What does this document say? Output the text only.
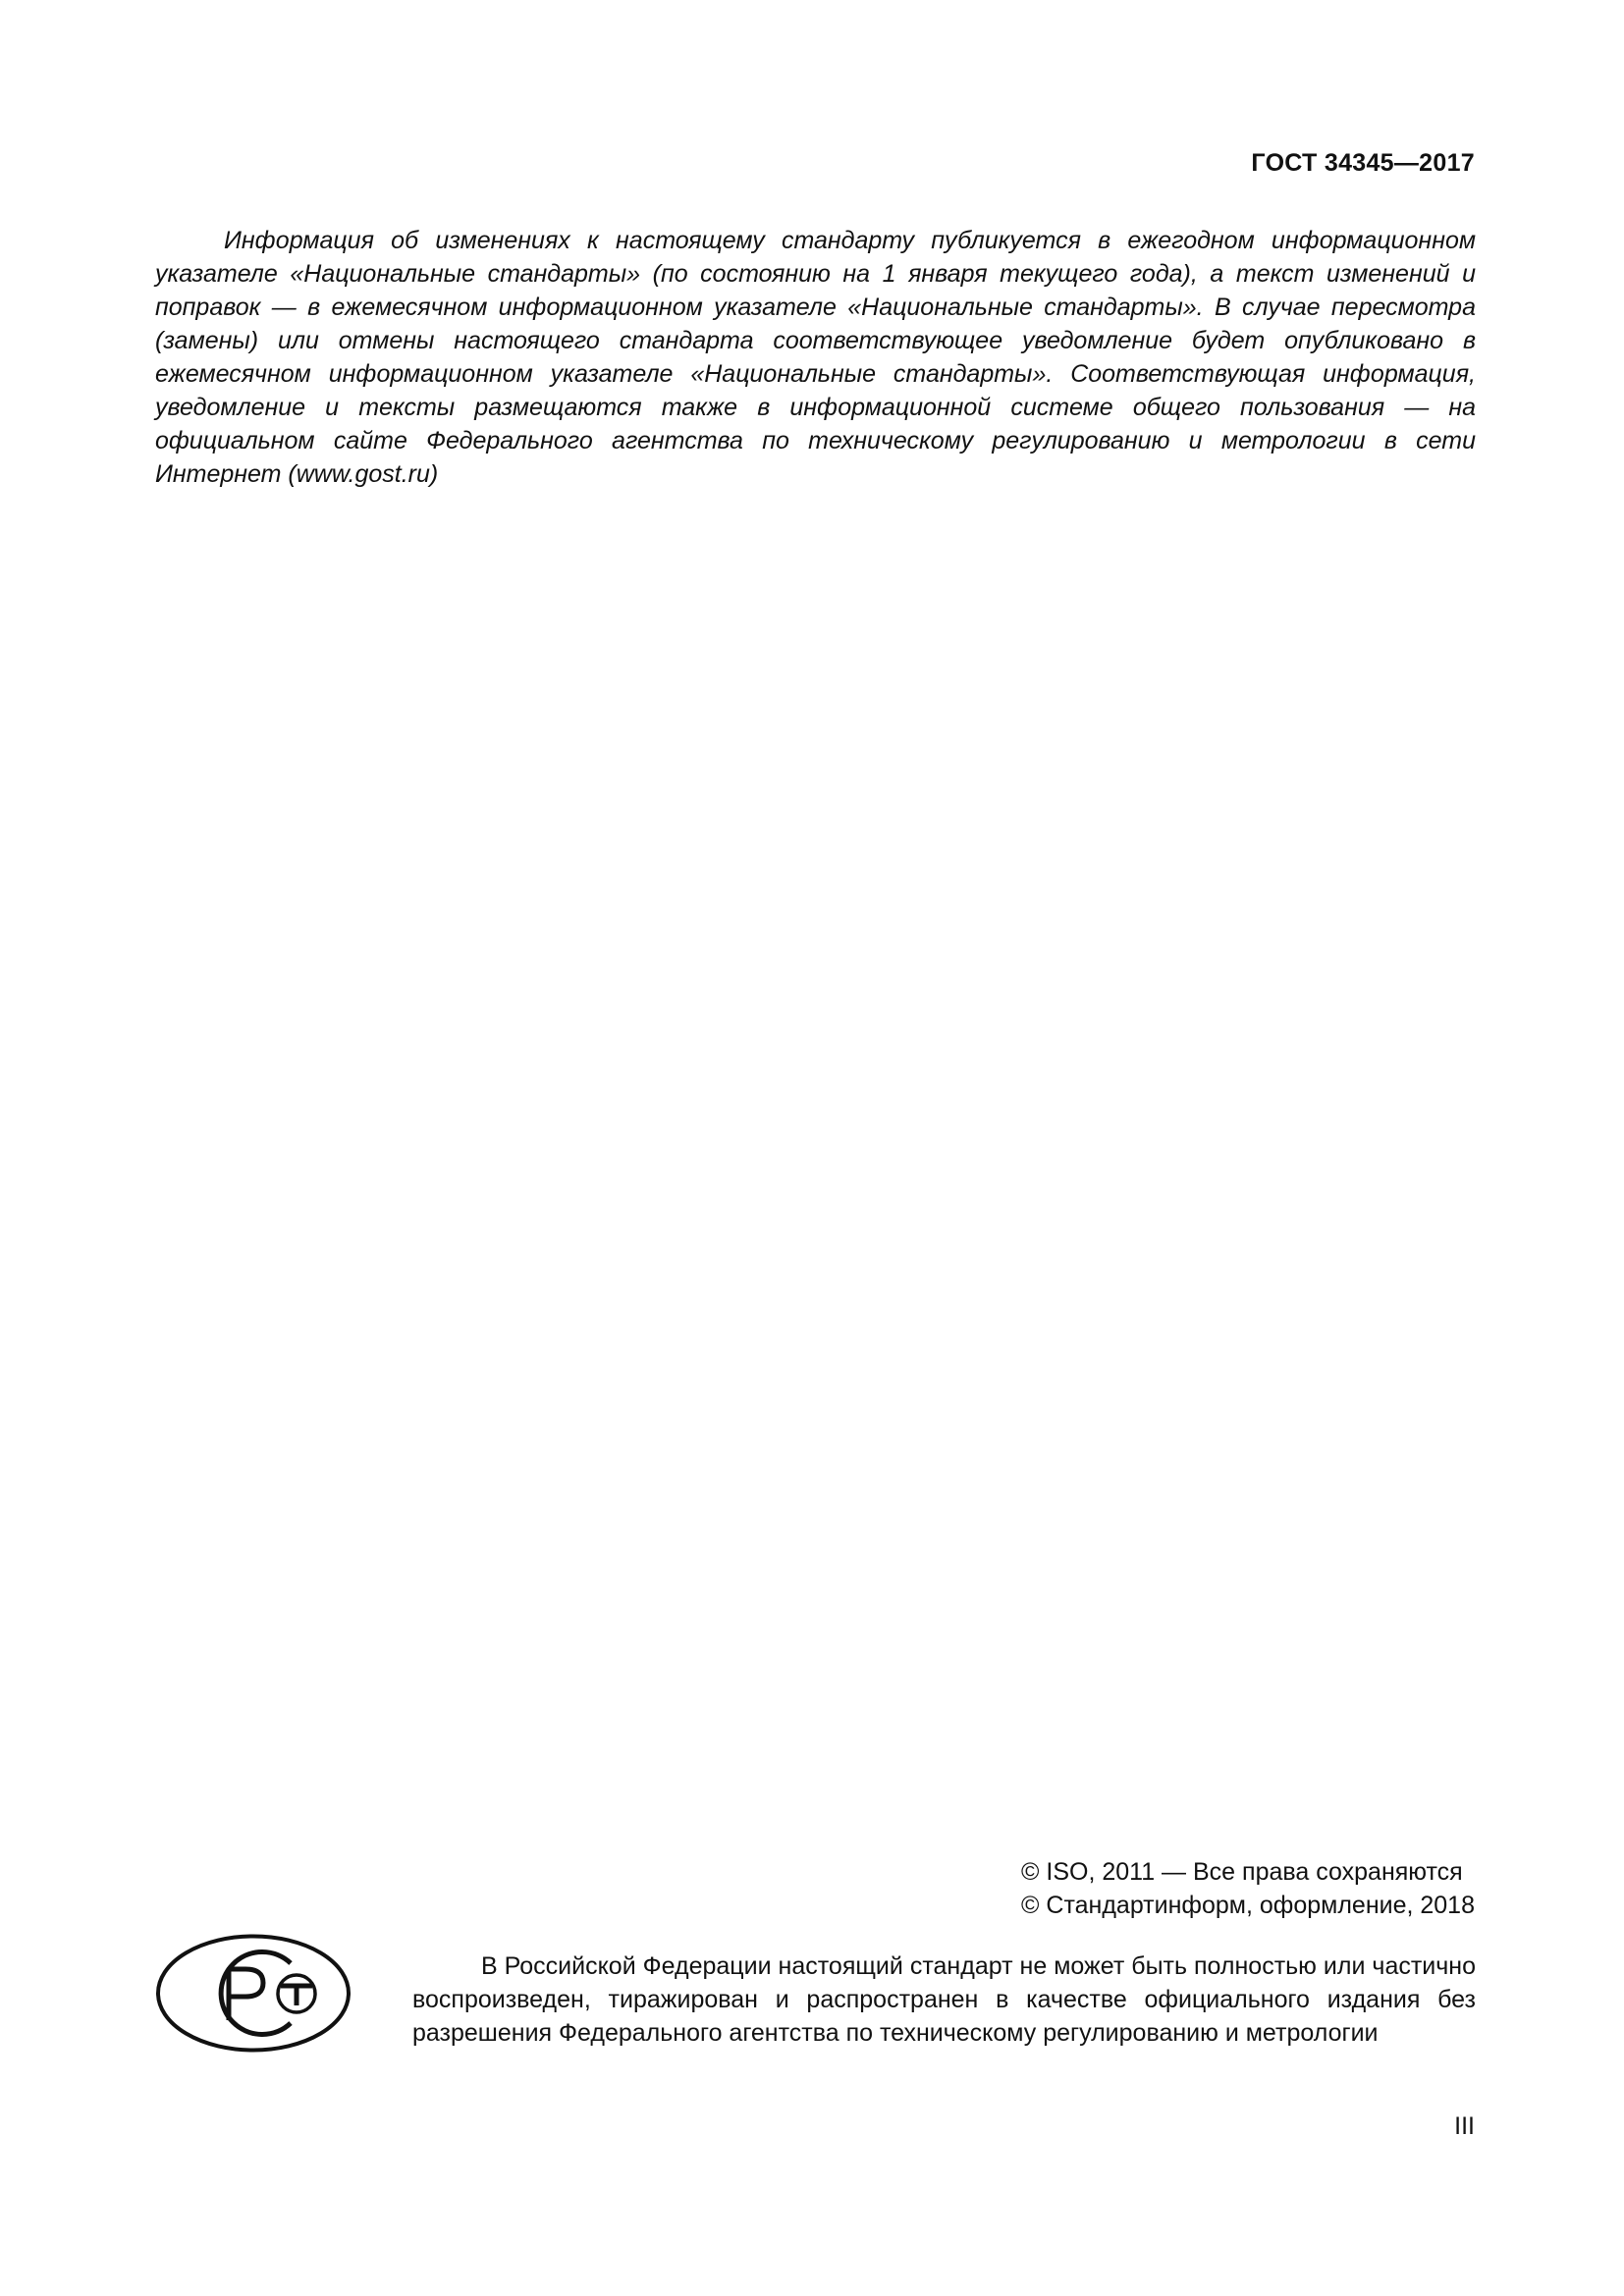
ГОСТ 34345—2017

Информация об изменениях к настоящему стандарту публикуется в ежегодном информационном указателе «Национальные стандарты» (по состоянию на 1 января текущего года), а текст изменений и поправок — в ежемесячном информационном указателе «Национальные стандарты». В случае пересмотра (замены) или отмены настоящего стандарта соответствующее уведомление будет опубликовано в ежемесячном информационном указателе «Национальные стандарты». Соответствующая информация, уведомление и тексты размещаются также в информационной системе общего пользования — на официальном сайте Федерального агентства по техническому регулированию и метрологии в сети Интернет (www.gost.ru)

© ISO, 2011 — Все права сохраняются
© Стандартинформ, оформление, 2018

В Российской Федерации настоящий стандарт не может быть полностью или частично воспроизведен, тиражирован и распространен в качестве официального издания без разрешения Федерального агентства по техническому регулированию и метрологии

III
